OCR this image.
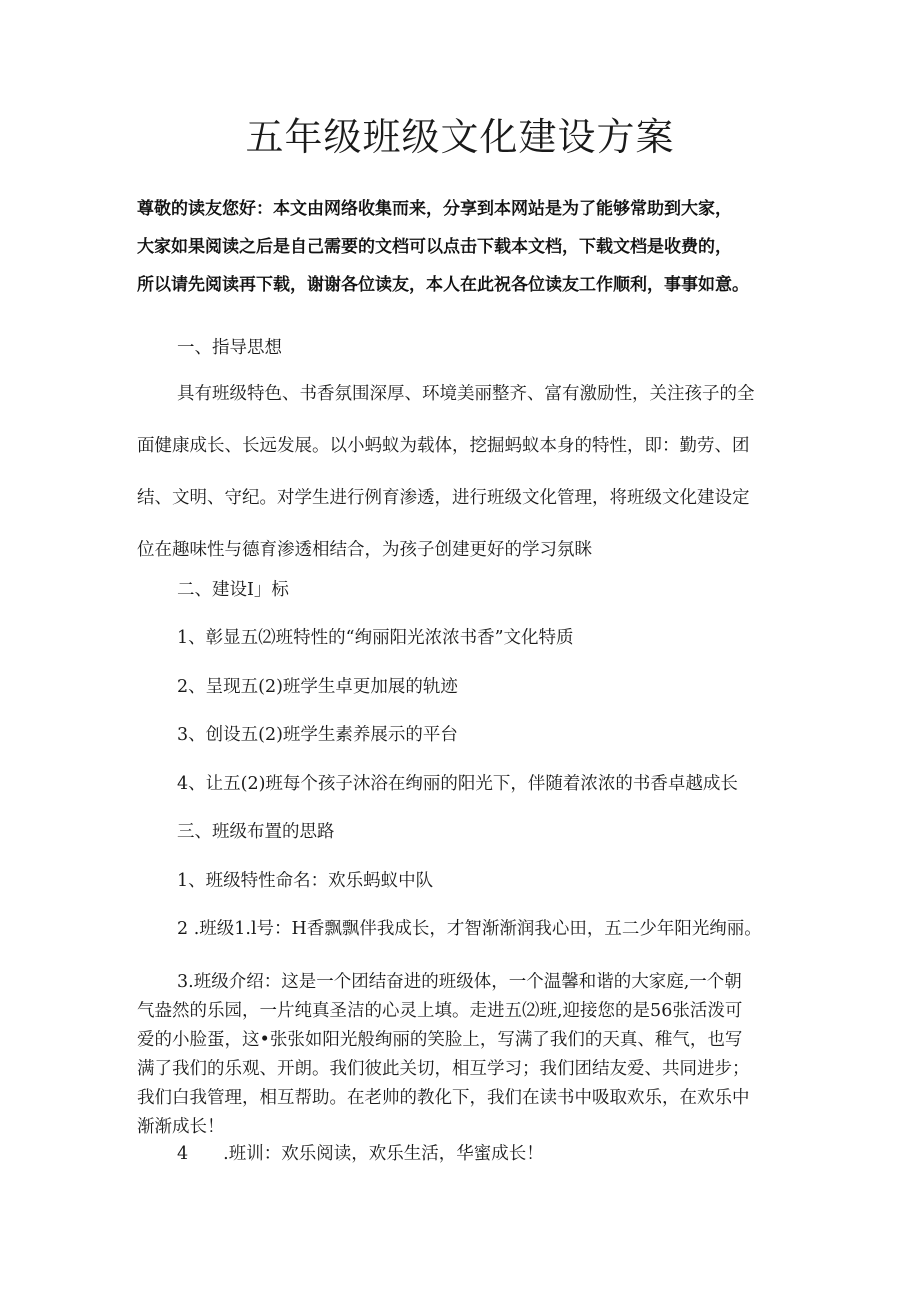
五年级班级文化建设方案
尊敬的读友您好：本文由网络收集而来，分享到本网站是为了能够常助到大家，
大家如果阅读之后是自己需要的文档可以点击下载本文档，下载文档是收费的，
所以请先阅读再下载，谢谢各位读友，本人在此祝各位读友工作顺利，事事如意。
一、指导思想
具有班级特色、书香氛围深厚、环境美丽整齐、富有激励性，关注孩子的全
面健康成长、长远发展。以小蚂蚁为载体，挖掘蚂蚁本身的特性，即：勤劳、团
结、文明、守纪。对学生进行例育渗透，进行班级文化管理，将班级文化建设定
位在趣味性与德育渗透相结合，为孩子创建更好的学习氛眯
二、建设I」标
1、彰显五⑵班特性的“绚丽阳光浓浓书香”文化特质
2、呈现五(2)班学生卓更加展的轨迹
3、创设五(2)班学生素养展示的平台
4、让五(2)班每个孩子沐浴在绚丽的阳光下，伴随着浓浓的书香卓越成长
三、班级布置的思路
1、班级特性命名：欢乐蚂蚁中队
2 .班级1.l号：H香飘飘伴我成长，才智渐渐润我心田，五二少年阳光绚丽。
3.班级介绍：这是一个团结奋进的班级体，一个温馨和谐的大家庭,一个朝
气盎然的乐园，一片纯真圣洁的心灵上填。走进五⑵班,迎接您的是56张活泼可
爱的小脸蛋，这•张张如阳光般绚丽的笑脸上，写满了我们的天真、稚气，也写
满了我们的乐观、开朗。我们彼此关切，相互学习；我们团结友爱、共同进步；
我们白我管理，相互帮助。在老帅的教化下，我们在读书中吸取欢乐，在欢乐中
渐渐成长！
4　　.班训：欢乐阅读，欢乐生活，华蜜成长！
